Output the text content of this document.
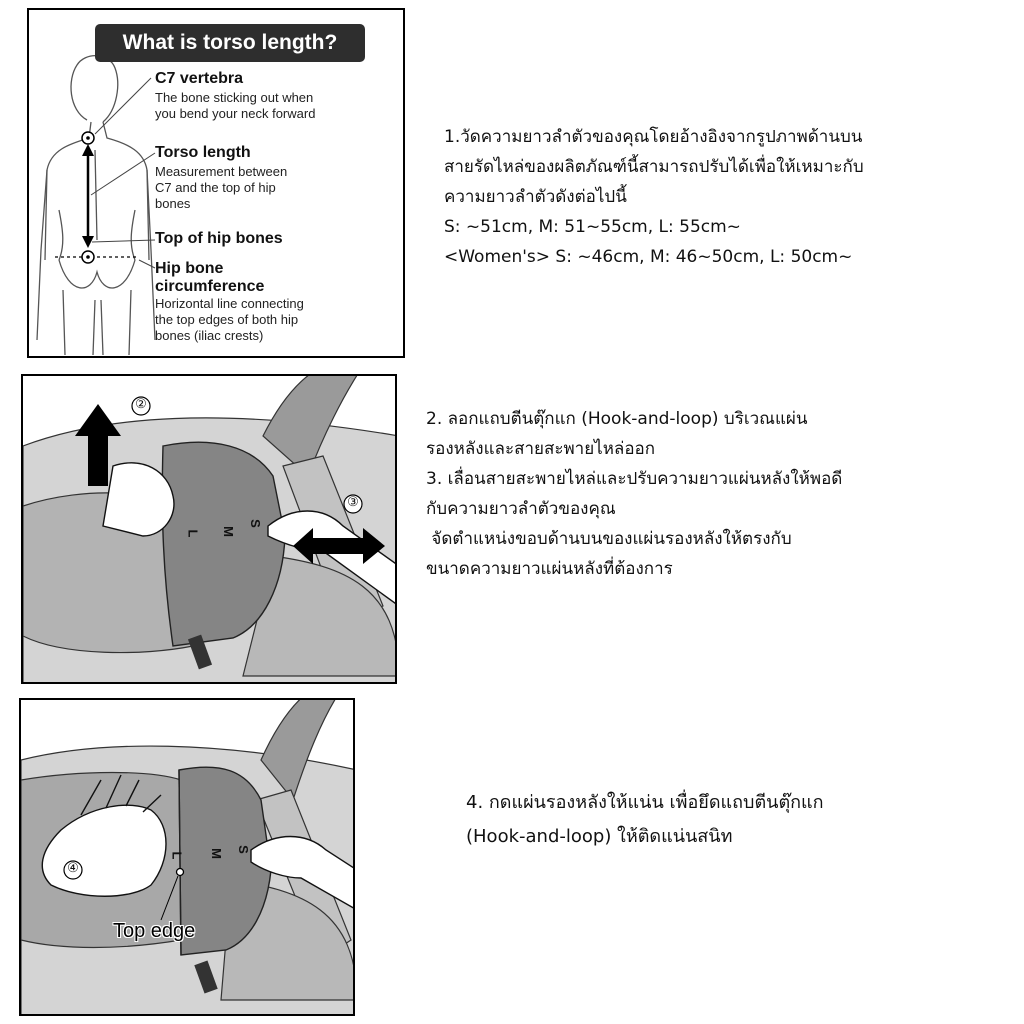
What is torso length?
C7 vertebra
The bone sticking out when
you bend your neck forward
Torso length
Measurement between
C7 and the top of hip
bones
Top of hip bones
Hip bone
circumference
Horizontal line connecting
the top edges of both hip
bones (iliac crests)
②
③
S
M
L
④
S
M
L
Top edge
1.วัดความยาวลำตัวของคุณโดยอ้างอิงจากรูปภาพด้านบน
สายรัดไหล่ของผลิตภัณฑ์นี้สามารถปรับได้เพื่อให้เหมาะกับ
ความยาวลำตัวดังต่อไปนี้
S: ~51cm, M: 51~55cm, L: 55cm~
<Women's> S: ~46cm, M: 46~50cm, L: 50cm~
2. ลอกแถบตีนตุ๊กแก (Hook-and-loop) บริเวณแผ่น
รองหลังและสายสะพายไหล่ออก
3. เลื่อนสายสะพายไหล่และปรับความยาวแผ่นหลังให้พอดี
กับความยาวลำตัวของคุณ
จัดตำแหน่งขอบด้านบนของแผ่นรองหลังให้ตรงกับ
ขนาดความยาวแผ่นหลังที่ต้องการ
4. กดแผ่นรองหลังให้แน่น เพื่อยึดแถบตีนตุ๊กแก
(Hook-and-loop) ให้ติดแน่นสนิท
